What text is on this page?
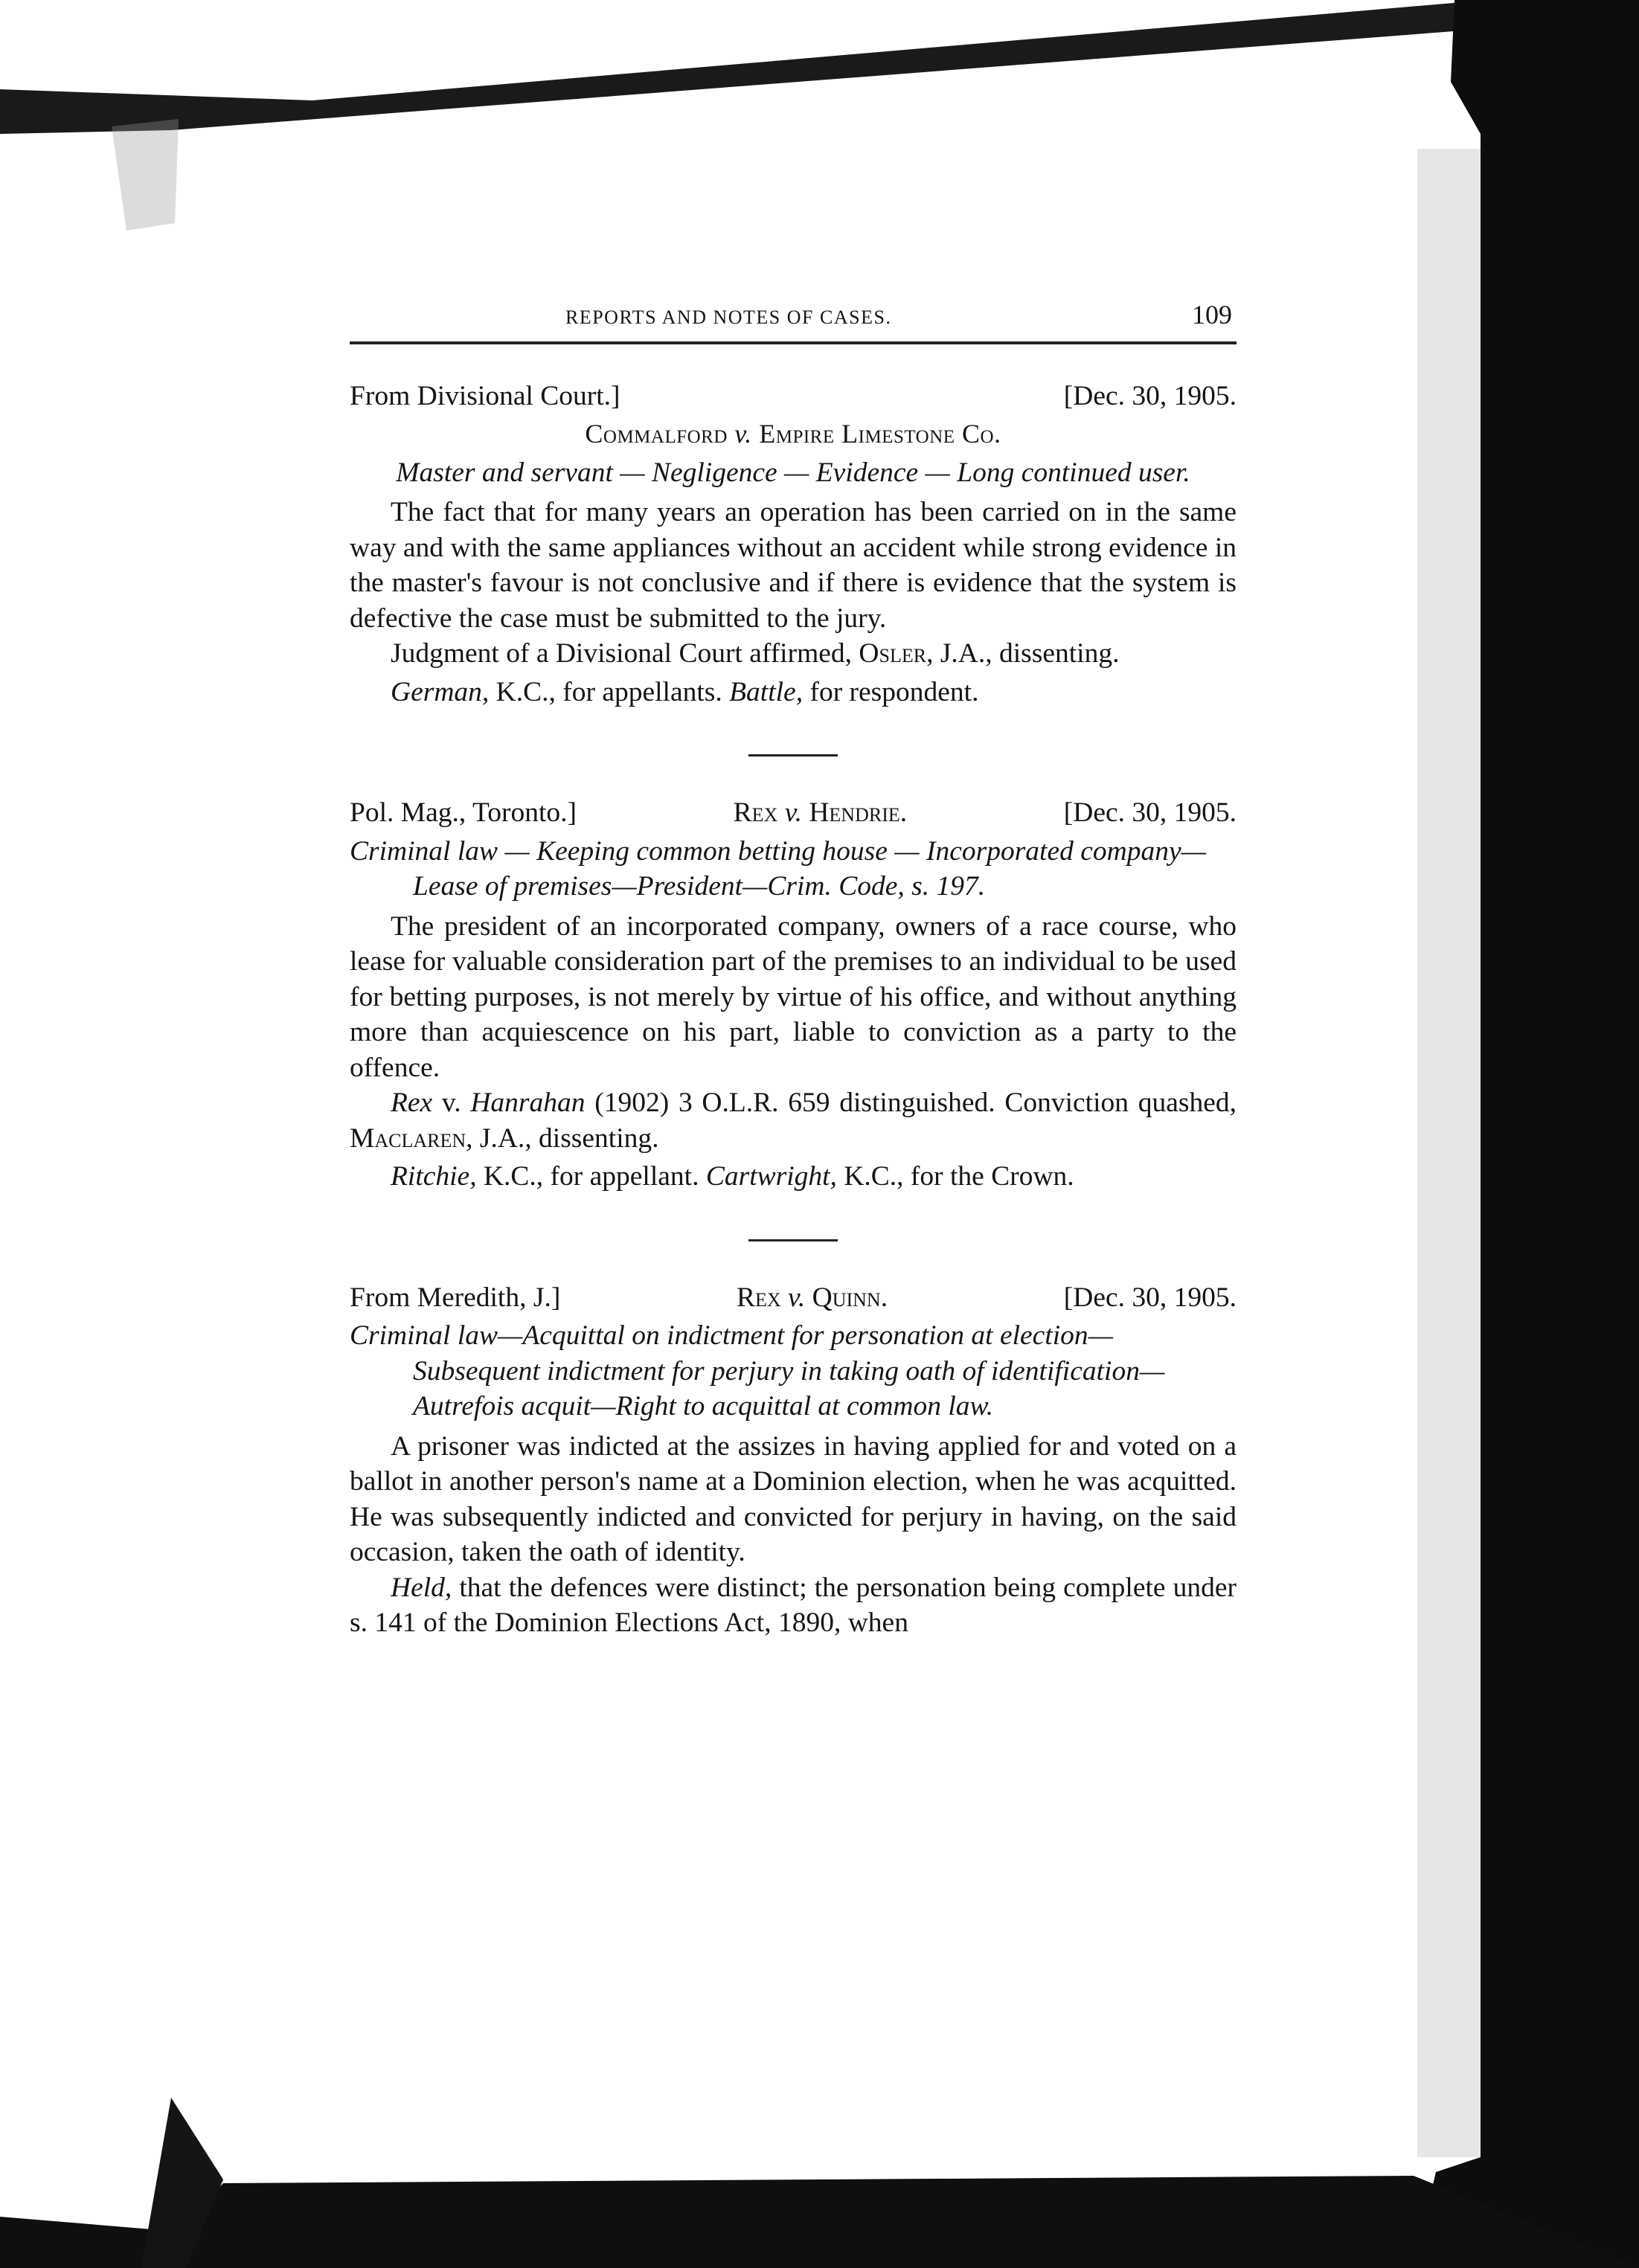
REPORTS AND NOTES OF CASES.	109
From Divisional Court.]	[Dec. 30, 1905.
Commalford v. Empire Limestone Co.

Master and servant — Negligence — Evidence — Long continued user.

The fact that for many years an operation has been carried on in the same way and with the same appliances without an accident while strong evidence in the master's favour is not conclusive and if there is evidence that the system is defective the case must be submitted to the jury.

Judgment of a Divisional Court affirmed, Osler, J.A., dissenting.

German, K.C., for appellants. Battle, for respondent.

Pol. Mag., Toronto.]	Rex v. Hendrie.	[Dec. 30, 1905.

Criminal law — Keeping common betting house — Incorporated company—Lease of premises—President—Crim. Code, s. 197.

The president of an incorporated company, owners of a race course, who lease for valuable consideration part of the premises to an individual to be used for betting purposes, is not merely by virtue of his office, and without anything more than acquiescence on his part, liable to conviction as a party to the offence.

Rex v. Hanrahan (1902) 3 O.L.R. 659 distinguished. Conviction quashed, Maclaren, J.A., dissenting.

Ritchie, K.C., for appellant. Cartwright, K.C., for the Crown.

From Meredith, J.]	Rex v. Quinn.	[Dec. 30, 1905.

Criminal law—Acquittal on indictment for personation at election—Subsequent indictment for perjury in taking oath of identification—Autrefois acquit—Right to acquittal at common law.

A prisoner was indicted at the assizes in having applied for and voted on a ballot in another person's name at a Dominion election, when he was acquitted. He was subsequently indicted and convicted for perjury in having, on the said occasion, taken the oath of identity.

Held, that the defences were distinct; the personation being complete under s. 141 of the Dominion Elections Act, 1890, when
